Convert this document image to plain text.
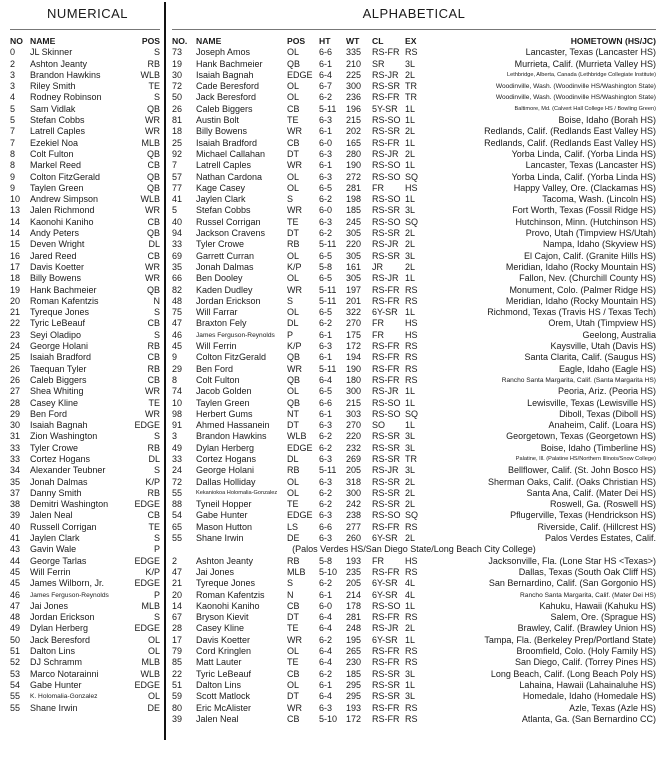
NUMERICAL	ALPHABETICAL
NO	NAME	POS
0	JL Skinner	S
2	Ashton Jeanty	RB
3	Brandon Hawkins	WLB
3	Riley Smith	TE
4	Rodney Robinson	S
5	Sam Vidlak	QB
5	Stefan Cobbs	WR
7	Latrell Caples	WR
7	Ezekiel Noa	MLB
8	Colt Fulton	QB
8	Markel Reed	CB
9	Colton FitzGerald	QB
9	Taylen Green	QB
10	Andrew Simpson	WLB
13	Jalen Richmond	WR
14	Kaonohi Kaniho	CB
14	Andy Peters	QB
15	Deven Wright	DL
16	Jared Reed	CB
17	Davis Koetter	WR
18	Billy Bowens	WR
19	Hank Bachmeier	QB
20	Roman Kafentzis	N
21	Tyreque Jones	S
22	Tyric LeBeauf	CB
23	Seyi Oladipo	S
24	George Holani	RB
25	Isaiah Bradford	CB
26	Taequan Tyler	RB
26	Caleb Biggers	CB
27	Shea Whiting	WR
28	Casey Kline	TE
29	Ben Ford	WR
30	Isaiah Bagnah	EDGE
31	Zion Washington	S
33	Tyler Crowe	RB
33	Cortez Hogans	DL
34	Alexander Teubner	S
35	Jonah Dalmas	K/P
37	Danny Smith	RB
38	Demitri Washington	EDGE
39	Jalen Neal	CB
40	Russell Corrigan	TE
41	Jaylen Clark	S
43	Gavin Wale	P
44	George Tarlas	EDGE
45	Will Ferrin	K/P
45	James Wilborn, Jr.	EDGE
46	James Ferguson-Reynolds	P
47	Jai Jones	MLB
48	Jordan Erickson	S
49	Dylan Herberg	EDGE
50	Jack Beresford	OL
51	Dalton Lins	OL
52	DJ Schramm	MLB
53	Marco Notarainni	WLB
54	Gabe Hunter	EDGE
55	K. Holomalia-Gonzalez	OL
55	Shane Irwin	DE
NO.	NAME	POS	HT	WT	CL	EX	HOMETOWN (HS/JC)
73	Joseph Amos	OL	6-6	335	RS-FR	RS	Lancaster, Texas (Lancaster HS)
19	Hank Bachmeier	QB	6-1	210	SR	3L	Murrieta, Calif. (Murrieta Valley HS)
30	Isaiah Bagnah	EDGE	6-4	225	RS-JR	2L	Lethbridge, Alberta, Canada (Lethbridge Collegiate Institute)
72	Cade Beresford	OL	6-7	300	RS-SR	TR	Woodinville, Wash. (Woodinville HS/Washington State)
50	Jack Beresford	OL	6-2	236	RS-FR	TR	Woodinville, Wash. (Woodinville HS/Washington State)
26	Caleb Biggers	CB	5-11	196	5Y-SR	1L	Baltimore, Md. (Calvert Hall College HS / Bowling Green)
81	Austin Bolt	TE	6-3	215	RS-SO	1L	Boise, Idaho (Borah HS)
18	Billy Bowens	WR	6-1	202	RS-SR	2L	Redlands, Calif. (Redlands East Valley HS)
25	Isaiah Bradford	CB	6-0	165	RS-FR	1L	Redlands, Calif. (Redlands East Valley HS)
92	Michael Callahan	DT	6-3	280	RS-JR	2L	Yorba Linda, Calif. (Yorba Linda HS)
7	Latrell Caples	WR	6-1	190	RS-SO	1L	Lancaster, Texas (Lancaster HS)
57	Nathan Cardona	OL	6-3	272	RS-SO	SQ	Yorba Linda, Calif. (Yorba Linda HS)
77	Kage Casey	OL	6-5	281	FR	HS	Happy Valley, Ore. (Clackamas HS)
41	Jaylen Clark	S	6-2	198	RS-SO	1L	Tacoma, Wash. (Lincoln HS)
5	Stefan Cobbs	WR	6-0	185	RS-SR	3L	Fort Worth, Texas (Fossil Ridge HS)
40	Russel Corrigan	TE	6-3	245	RS-SO	SQ	Hutchinson, Minn. (Hutchinson HS)
94	Jackson Cravens	DT	6-2	305	RS-SR	2L	Provo, Utah (Timpview HS/Utah)
33	Tyler Crowe	RB	5-11	220	RS-JR	2L	Nampa, Idaho (Skyview HS)
69	Garrett Curran	OL	6-5	305	RS-SR	3L	El Cajon, Calif. (Granite Hills HS)
35	Jonah Dalmas	K/P	5-8	161	JR	2L	Meridian, Idaho (Rocky Mountain HS)
66	Ben Dooley	OL	6-5	305	RS-JR	1L	Fallon, Nev. (Churchill County HS)
82	Kaden Dudley	WR	5-11	197	RS-FR	RS	Monument, Colo. (Palmer Ridge HS)
48	Jordan Erickson	S	5-11	201	RS-FR	RS	Meridian, Idaho (Rocky Mountain HS)
75	Will Farrar	OL	6-5	322	6Y-SR	1L	Richmond, Texas (Travis HS / Texas Tech)
47	Braxton Fely	DL	6-2	270	FR	HS	Orem, Utah (Timpview HS)
46	James Ferguson-Reynolds	P	6-1	175	FR	HS	Geelong, Australia
45	Will Ferrin	K/P	6-3	172	RS-FR	RS	Kaysville, Utah (Davis HS)
9	Colton FitzGerald	QB	6-1	194	RS-FR	RS	Santa Clarita, Calif. (Saugus HS)
29	Ben Ford	WR	5-11	190	RS-FR	RS	Eagle, Idaho (Eagle HS)
8	Colt Fulton	QB	6-4	180	RS-FR	RS	Rancho Santa Margarita, Calif. (Santa Margarita HS)
74	Jacob Golden	OL	6-5	300	RS-JR	1L	Peoria, Ariz. (Peoria HS)
10	Taylen Green	QB	6-6	215	RS-SO	1L	Lewisville, Texas (Lewisville HS)
98	Herbert Gums	NT	6-1	303	RS-SO	SQ	Diboll, Texas (Diboll HS)
91	Ahmed Hassanein	DT	6-3	270	SO	1L	Anaheim, Calif. (Loara HS)
3	Brandon Hawkins	WLB	6-2	220	RS-SR	3L	Georgetown, Texas (Georgetown HS)
49	Dylan Herberg	EDGE	6-2	232	RS-SR	3L	Boise, Idaho (Timberline HS)
33	Cortez Hogans	DL	6-3	269	RS-SR	TR	Palatine, Ill. (Palatine HS/Northern Illinois/Snow College)
24	George Holani	RB	5-11	205	RS-JR	3L	Bellflower, Calif. (St. John Bosco HS)
72	Dallas Holliday	OL	6-3	318	RS-SR	2L	Sherman Oaks, Calif. (Oaks Christian HS)
55	Kekaniokoa Holomalia-Gonzalez	OL	6-2	300	RS-SR	2L	Santa Ana, Calif. (Mater Dei HS)
88	Tyneil Hopper	TE	6-2	242	RS-SR	2L	Roswell, Ga. (Roswell HS)
54	Gabe Hunter	EDGE	6-3	238	RS-SO	SQ	Pflugerville, Texas (Hendrickson HS)
65	Mason Hutton	LS	6-6	277	RS-FR	RS	Riverside, Calif. (Hillcrest HS)
55	Shane Irwin	DE	6-3	260	6Y-SR	2L	Palos Verdes Estates, Calif.
(Palos Verdes HS/San Diego State/Long Beach City College)							
2	Ashton Jeanty	RB	5-8	193	FR	HS	Jacksonville, Fla. (Lone Star HS <Texas>)
47	Jai Jones	MLB	5-10	235	RS-FR	RS	Dallas, Texas (South Oak Cliff HS)
21	Tyreque Jones	S	6-2	205	6Y-SR	4L	San Bernardino, Calif. (San Gorgonio HS)
20	Roman Kafentzis	N	6-1	214	6Y-SR	4L	Rancho Santa Margarita, Calif. (Mater Dei HS)
14	Kaonohi Kaniho	CB	6-0	178	RS-SO	1L	Kahuku, Hawaii (Kahuku HS)
67	Bryson Kievit	DT	6-4	281	RS-FR	RS	Salem, Ore. (Sprague HS)
28	Casey Kline	TE	6-4	248	RS-JR	2L	Brawley, Calif. (Brawley Union HS)
17	Davis Koetter	WR	6-2	195	6Y-SR	1L	Tampa, Fla. (Berkeley Prep/Portland State)
79	Cord Kringlen	OL	6-4	265	RS-FR	RS	Broomfield, Colo. (Holy Family HS)
85	Matt Lauter	TE	6-4	230	RS-FR	RS	San Diego, Calif. (Torrey Pines HS)
22	Tyric LeBeauf	CB	6-2	185	RS-SR	3L	Long Beach, Calif. (Long Beach Poly HS)
51	Dalton Lins	OL	6-1	295	RS-SR	1L	Lahaina, Hawaii (Lahainaluhe HS)
59	Scott Matlock	DT	6-4	295	RS-SR	3L	Homedale, Idaho (Homedale HS)
80	Eric McAlister	WR	6-3	193	RS-FR	RS	Azle, Texas (Azle HS)
39	Jalen Neal	CB	5-10	172	RS-FR	RS	Atlanta, Ga. (San Bernardino CC)
